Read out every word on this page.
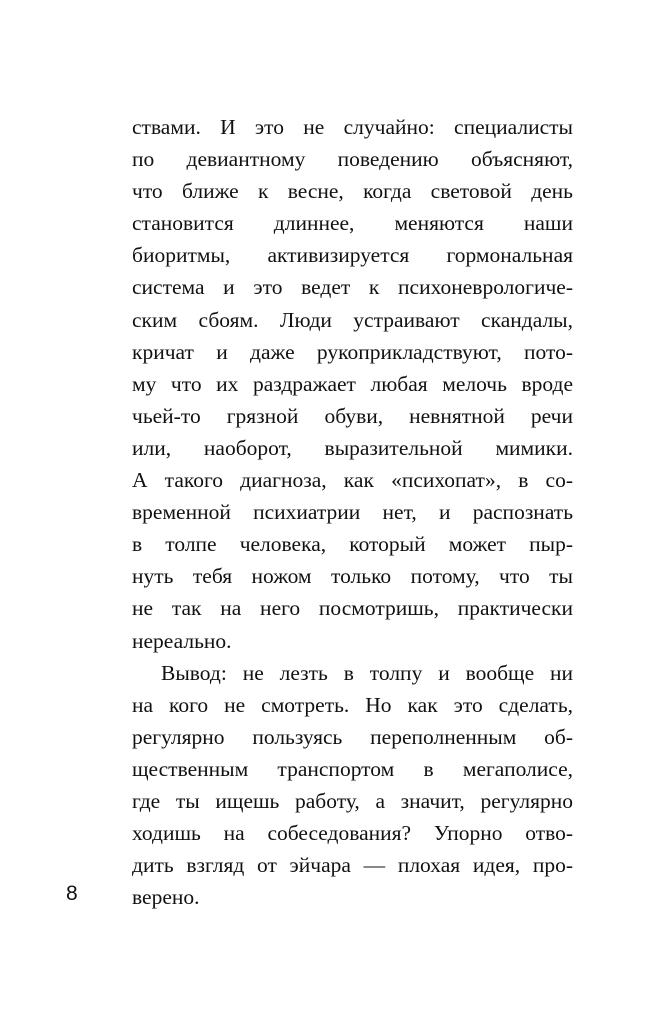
ствами. И это не случайно: специалисты
по девиантному поведению объясняют,
что ближе к весне, когда световой день
становится длиннее, меняются наши
биоритмы, активизируется гормональная
система и это ведет к психоневрологиче-
ским сбоям. Люди устраивают скандалы,
кричат и даже рукоприкладствуют, пото-
му что их раздражает любая мелочь вроде
чьей-то грязной обуви, невнятной речи
или, наоборот, выразительной мимики.
А такого диагноза, как «психопат», в со-
временной психиатрии нет, и распознать
в толпе человека, который может пыр-
нуть тебя ножом только потому, что ты
не так на него посмотришь, практически
нереально.
Вывод: не лезть в толпу и вообще ни
на кого не смотреть. Но как это сделать,
регулярно пользуясь переполненным об-
щественным транспортом в мегаполисе,
где ты ищешь работу, а значит, регулярно
ходишь на собеседования? Упорно отво-
дить взгляд от эйчара — плохая идея, про-
верено.
8
